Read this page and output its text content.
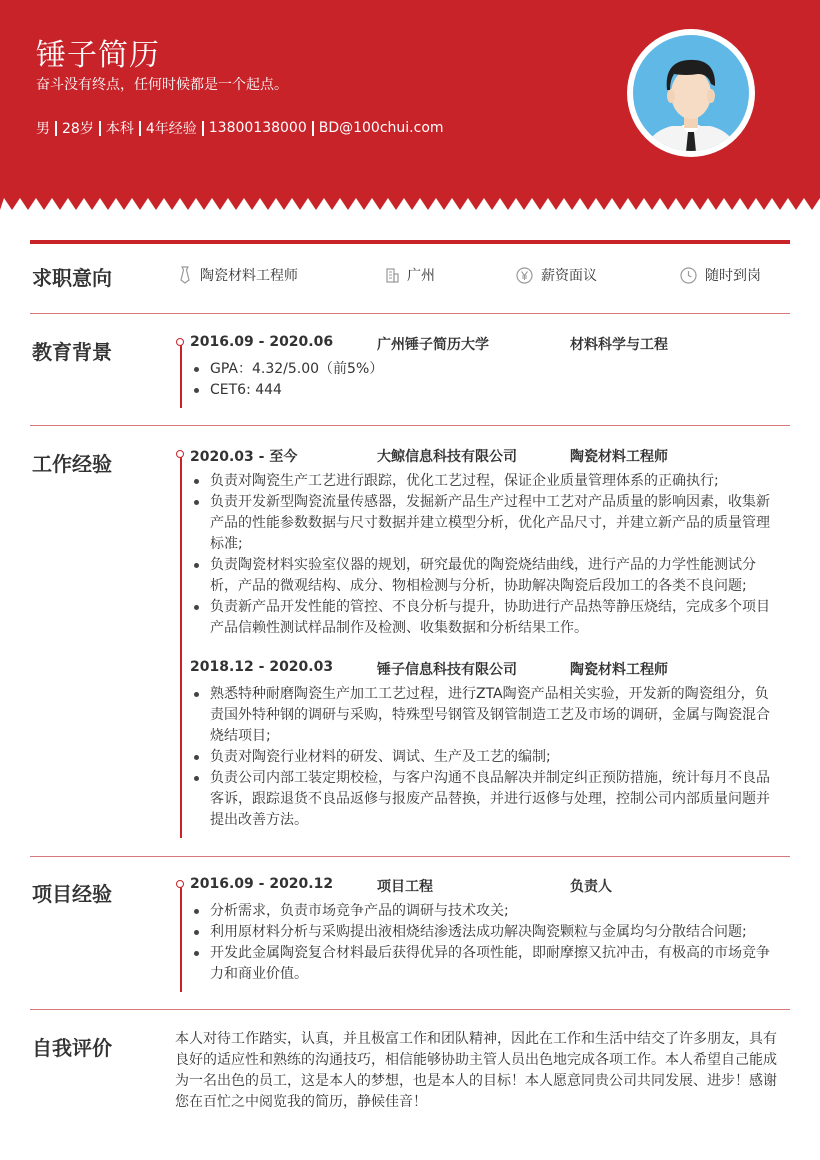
锤子简历
奋斗没有终点，任何时候都是一个起点。
男 28岁 本科 4年经验 13800138000 BD@100chui.com
求职意向	陶瓷材料工程师	广州	薪资面议	随时到岗
教育背景	2016.09 - 2020.06	广州锤子简历大学	材料科学与工程
GPA：4.32/5.00（前5%）
CET6: 444
工作经验	2020.03 - 至今	大鲸信息科技有限公司	陶瓷材料工程师
负责对陶瓷生产工艺进行跟踪，优化工艺过程，保证企业质量管理体系的正确执行;
负责开发新型陶瓷流量传感器，发掘新产品生产过程中工艺对产品质量的影响因素，收集新产品的性能参数数据与尺寸数据并建立模型分析，优化产品尺寸，并建立新产品的质量管理标准;
负责陶瓷材料实验室仪器的规划，研究最优的陶瓷烧结曲线，进行产品的力学性能测试分析，产品的微观结构、成分、物相检测与分析，协助解决陶瓷后段加工的各类不良问题;
负责新产品开发性能的管控、不良分析与提升，协助进行产品热等静压烧结，完成多个项目产品信赖性测试样品制作及检测、收集数据和分析结果工作。
2018.12 - 2020.03	锤子信息科技有限公司	陶瓷材料工程师
熟悉特种耐磨陶瓷生产加工工艺过程，进行ZTA陶瓷产品相关实验，开发新的陶瓷组分，负责国外特种钢的调研与采购，特殊型号钢管及钢管制造工艺及市场的调研，金属与陶瓷混合烧结项目;
负责对陶瓷行业材料的研发、调试、生产及工艺的编制;
负责公司内部工装定期校检，与客户沟通不良品解决并制定纠正预防措施，统计每月不良品客诉，跟踪退货不良品返修与报废产品替换，并进行返修与处理，控制公司内部质量问题并提出改善方法。
项目经验	2016.09 - 2020.12	项目工程	负责人
分析需求，负责市场竞争产品的调研与技术攻关;
利用原材料分析与采购提出液相烧结渗透法成功解决陶瓷颗粒与金属均匀分散结合问题;
开发此金属陶瓷复合材料最后获得优异的各项性能，即耐摩擦又抗冲击，有极高的市场竞争力和商业价值。
自我评价	本人对待工作踏实，认真，并且极富工作和团队精神，因此在工作和生活中结交了许多朋友，具有良好的适应性和熟练的沟通技巧，相信能够协助主管人员出色地完成各项工作。本人希望自己能成为一名出色的员工，这是本人的梦想，也是本人的目标！本人愿意同贵公司共同发展、进步！感谢您在百忙之中阅览我的简历，静候佳音！
